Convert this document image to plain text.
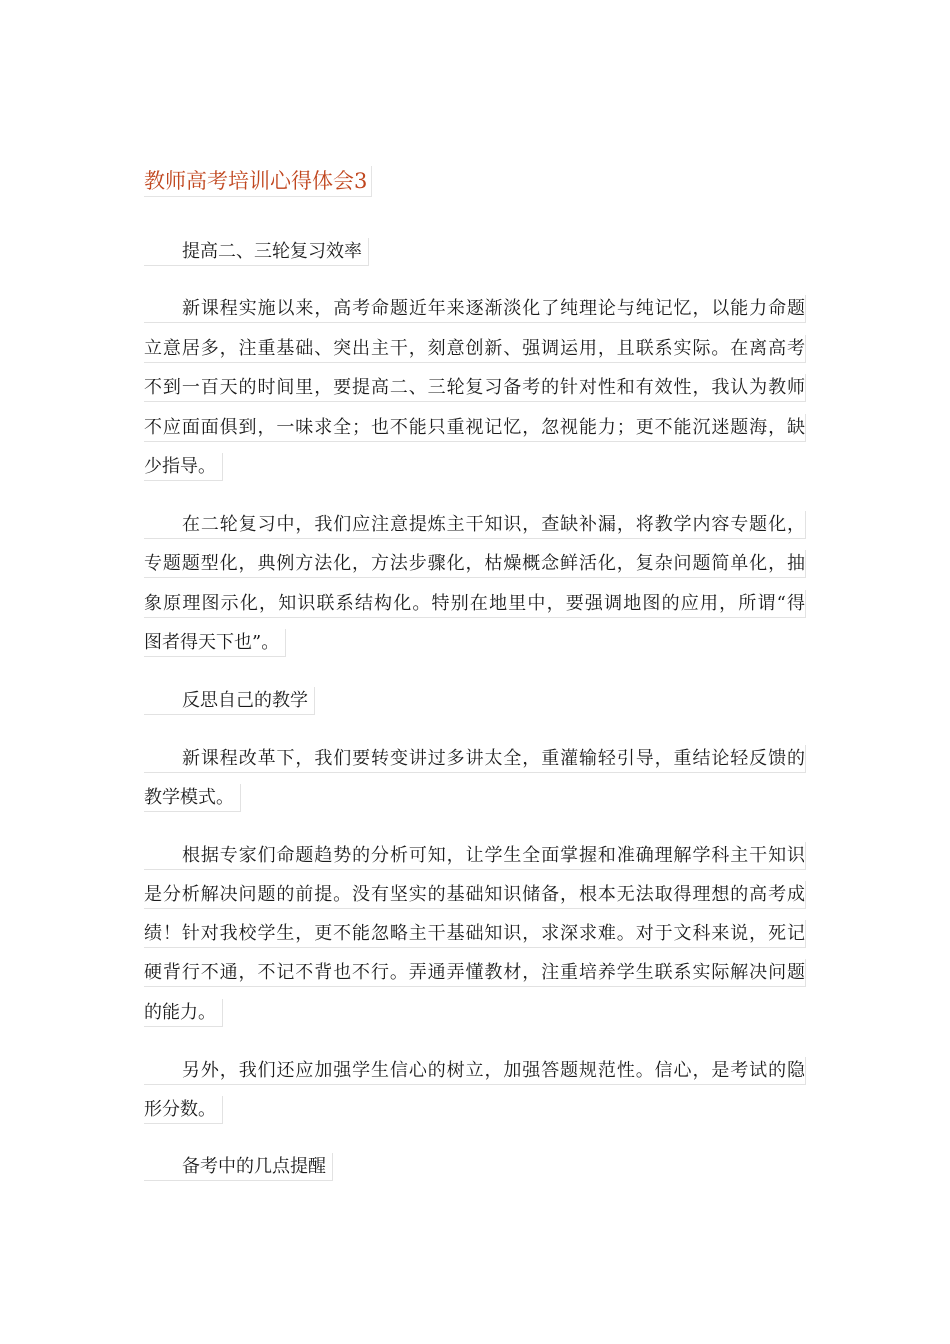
教师高考培训心得体会3
提高二、三轮复习效率
新课程实施以来，高考命题近年来逐渐淡化了纯理论与纯记忆，以能力命题
立意居多，注重基础、突出主干，刻意创新、强调运用，且联系实际。在离高考
不到一百天的时间里，要提高二、三轮复习备考的针对性和有效性，我认为教师
不应面面俱到，一味求全；也不能只重视记忆，忽视能力；更不能沉迷题海，缺
少指导。
在二轮复习中，我们应注意提炼主干知识，查缺补漏，将教学内容专题化，
专题题型化，典例方法化，方法步骤化，枯燥概念鲜活化，复杂问题简单化，抽
象原理图示化，知识联系结构化。特别在地里中，要强调地图的应用，所谓“得
图者得天下也”。
反思自己的教学
新课程改革下，我们要转变讲过多讲太全，重灌输轻引导，重结论轻反馈的
教学模式。
根据专家们命题趋势的分析可知，让学生全面掌握和准确理解学科主干知识
是分析解决问题的前提。没有坚实的基础知识储备，根本无法取得理想的高考成
绩！针对我校学生，更不能忽略主干基础知识，求深求难。对于文科来说，死记
硬背行不通，不记不背也不行。弄通弄懂教材，注重培养学生联系实际解决问题
的能力。
另外，我们还应加强学生信心的树立，加强答题规范性。信心，是考试的隐
形分数。
备考中的几点提醒
